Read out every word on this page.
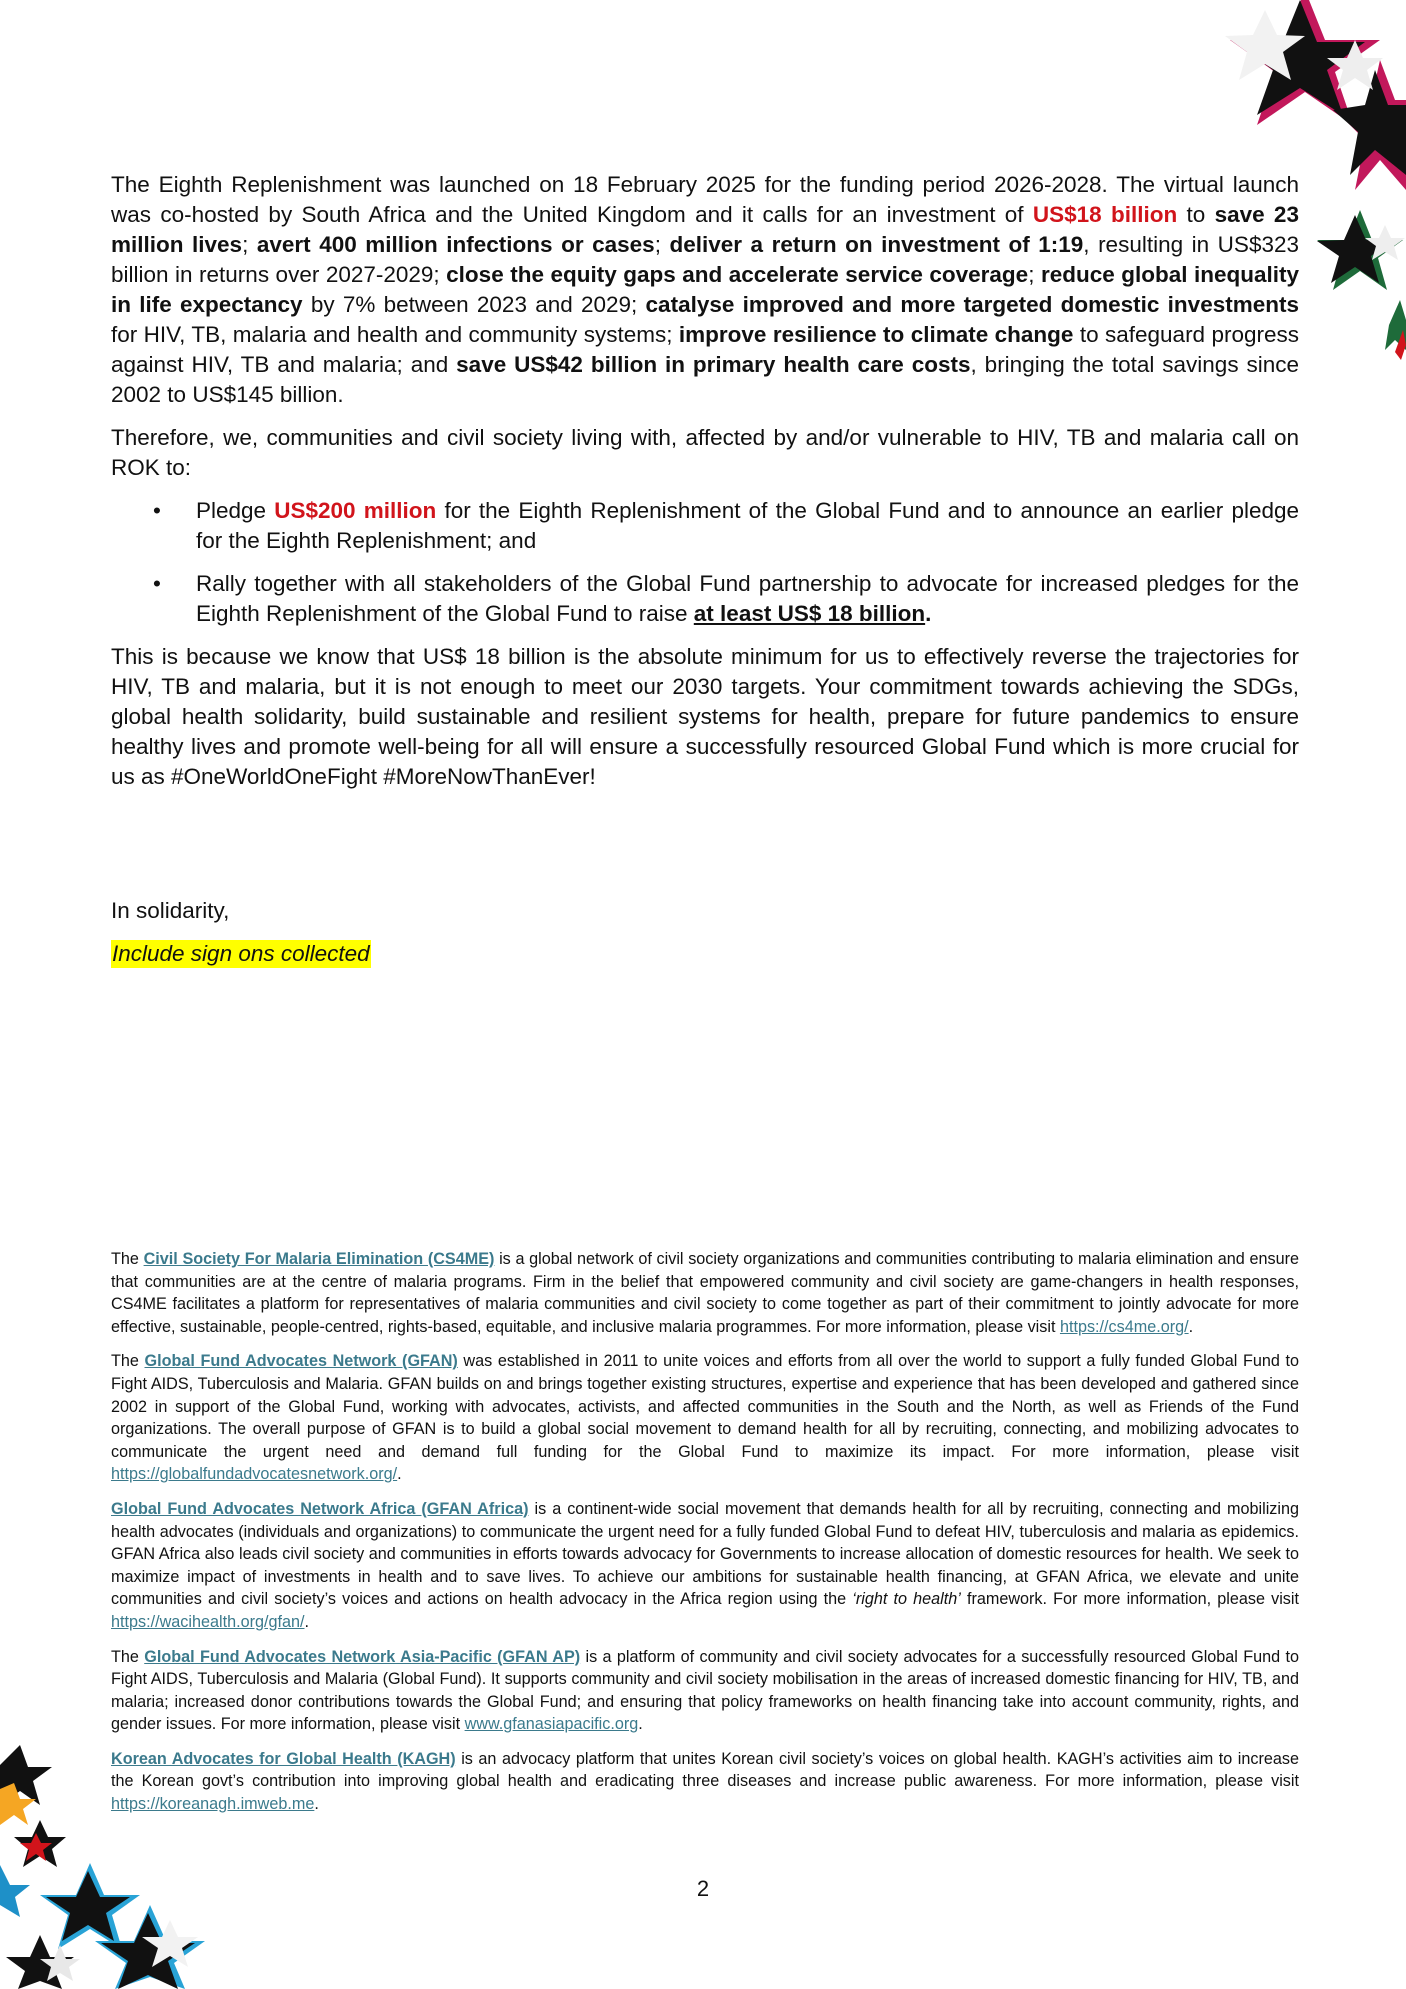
The Eighth Replenishment was launched on 18 February 2025 for the funding period 2026-2028. The virtual launch was co-hosted by South Africa and the United Kingdom and it calls for an investment of US$18 billion to save 23 million lives; avert 400 million infections or cases; deliver a return on investment of 1:19, resulting in US$323 billion in returns over 2027-2029; close the equity gaps and accelerate service coverage; reduce global inequality in life expectancy by 7% between 2023 and 2029; catalyse improved and more targeted domestic investments for HIV, TB, malaria and health and community systems; improve resilience to climate change to safeguard progress against HIV, TB and malaria; and save US$42 billion in primary health care costs, bringing the total savings since 2002 to US$145 billion.

Therefore, we, communities and civil society living with, affected by and/or vulnerable to HIV, TB and malaria call on ROK to:

• Pledge US$200 million for the Eighth Replenishment of the Global Fund and to announce an earlier pledge for the Eighth Replenishment; and
• Rally together with all stakeholders of the Global Fund partnership to advocate for increased pledges for the Eighth Replenishment of the Global Fund to raise at least US$ 18 billion.

This is because we know that US$ 18 billion is the absolute minimum for us to effectively reverse the trajectories for HIV, TB and malaria, but it is not enough to meet our 2030 targets. Your commitment towards achieving the SDGs, global health solidarity, build sustainable and resilient systems for health, prepare for future pandemics to ensure healthy lives and promote well-being for all will ensure a successfully resourced Global Fund which is more crucial for us as #OneWorldOneFight #MoreNowThanEver!

In solidarity,
Include sign ons collected

The Civil Society For Malaria Elimination (CS4ME) is a global network of civil society organizations and communities contributing to malaria elimination and ensure that communities are at the centre of malaria programs. Firm in the belief that empowered community and civil society are game-changers in health responses, CS4ME facilitates a platform for representatives of malaria communities and civil society to come together as part of their commitment to jointly advocate for more effective, sustainable, people-centred, rights-based, equitable, and inclusive malaria programmes. For more information, please visit https://cs4me.org/.

The Global Fund Advocates Network (GFAN) was established in 2011 to unite voices and efforts from all over the world to support a fully funded Global Fund to Fight AIDS, Tuberculosis and Malaria. GFAN builds on and brings together existing structures, expertise and experience that has been developed and gathered since 2002 in support of the Global Fund, working with advocates, activists, and affected communities in the South and the North, as well as Friends of the Fund organizations. The overall purpose of GFAN is to build a global social movement to demand health for all by recruiting, connecting, and mobilizing advocates to communicate the urgent need and demand full funding for the Global Fund to maximize its impact. For more information, please visit https://globalfundadvocatesnetwork.org/.

Global Fund Advocates Network Africa (GFAN Africa) is a continent-wide social movement that demands health for all by recruiting, connecting and mobilizing health advocates (individuals and organizations) to communicate the urgent need for a fully funded Global Fund to defeat HIV, tuberculosis and malaria as epidemics. GFAN Africa also leads civil society and communities in efforts towards advocacy for Governments to increase allocation of domestic resources for health. We seek to maximize impact of investments in health and to save lives. To achieve our ambitions for sustainable health financing, at GFAN Africa, we elevate and unite communities and civil society’s voices and actions on health advocacy in the Africa region using the ‘right to health’ framework. For more information, please visit https://wacihealth.org/gfan/.

The Global Fund Advocates Network Asia-Pacific (GFAN AP) is a platform of community and civil society advocates for a successfully resourced Global Fund to Fight AIDS, Tuberculosis and Malaria (Global Fund). It supports community and civil society mobilisation in the areas of increased domestic financing for HIV, TB, and malaria; increased donor contributions towards the Global Fund; and ensuring that policy frameworks on health financing take into account community, rights, and gender issues. For more information, please visit www.gfanasiapacific.org.

Korean Advocates for Global Health (KAGH) is an advocacy platform that unites Korean civil society’s voices on global health. KAGH’s activities aim to increase the Korean govt’s contribution into improving global health and eradicating three diseases and increase public awareness. For more information, please visit https://koreanagh.imweb.me.

2
